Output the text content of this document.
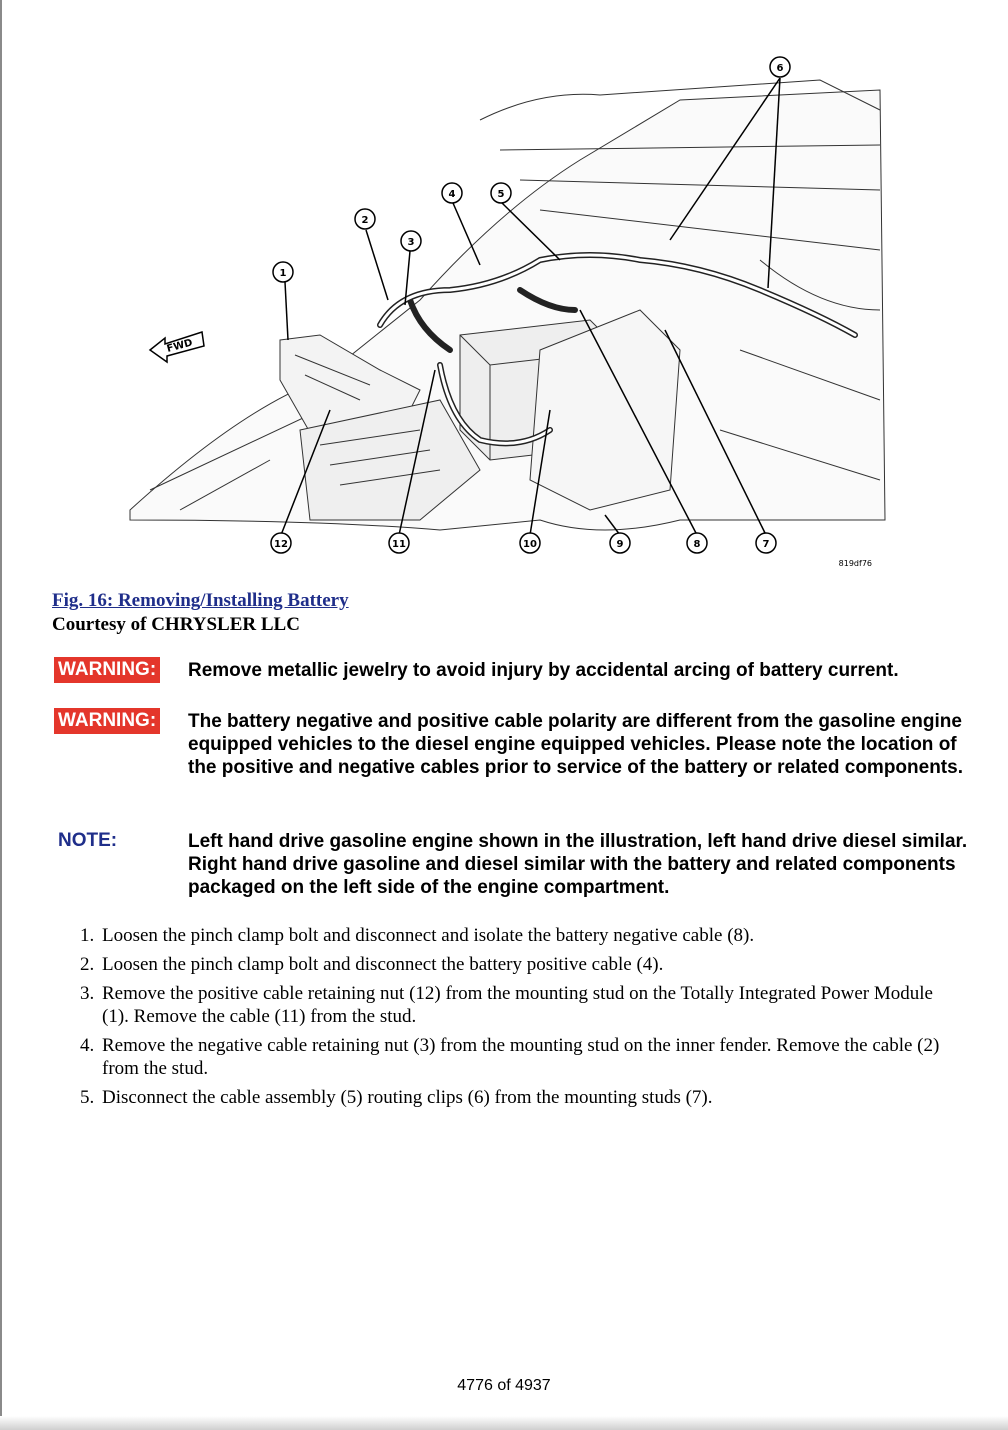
FWD
1
2
3
4	5
6
7
8
9
10
11
12
819df76
Fig. 16: Removing/Installing Battery
Courtesy of CHRYSLER LLC
WARNING:	Remove metallic jewelry to avoid injury by accidental arcing of battery current.
WARNING:	The battery negative and positive cable polarity are different from the gasoline engine equipped vehicles to the diesel engine equipped vehicles. Please note the location of the positive and negative cables prior to service of the battery or related components.
NOTE:	Left hand drive gasoline engine shown in the illustration, left hand drive diesel similar. Right hand drive gasoline and diesel similar with the battery and related components packaged on the left side of the engine compartment.
1. Loosen the pinch clamp bolt and disconnect and isolate the battery negative cable (8).
2. Loosen the pinch clamp bolt and disconnect the battery positive cable (4).
3. Remove the positive cable retaining nut (12) from the mounting stud on the Totally Integrated Power Module (1). Remove the cable (11) from the stud.
4. Remove the negative cable retaining nut (3) from the mounting stud on the inner fender. Remove the cable (2) from the stud.
5. Disconnect the cable assembly (5) routing clips (6) from the mounting studs (7).
4776 of 4937
